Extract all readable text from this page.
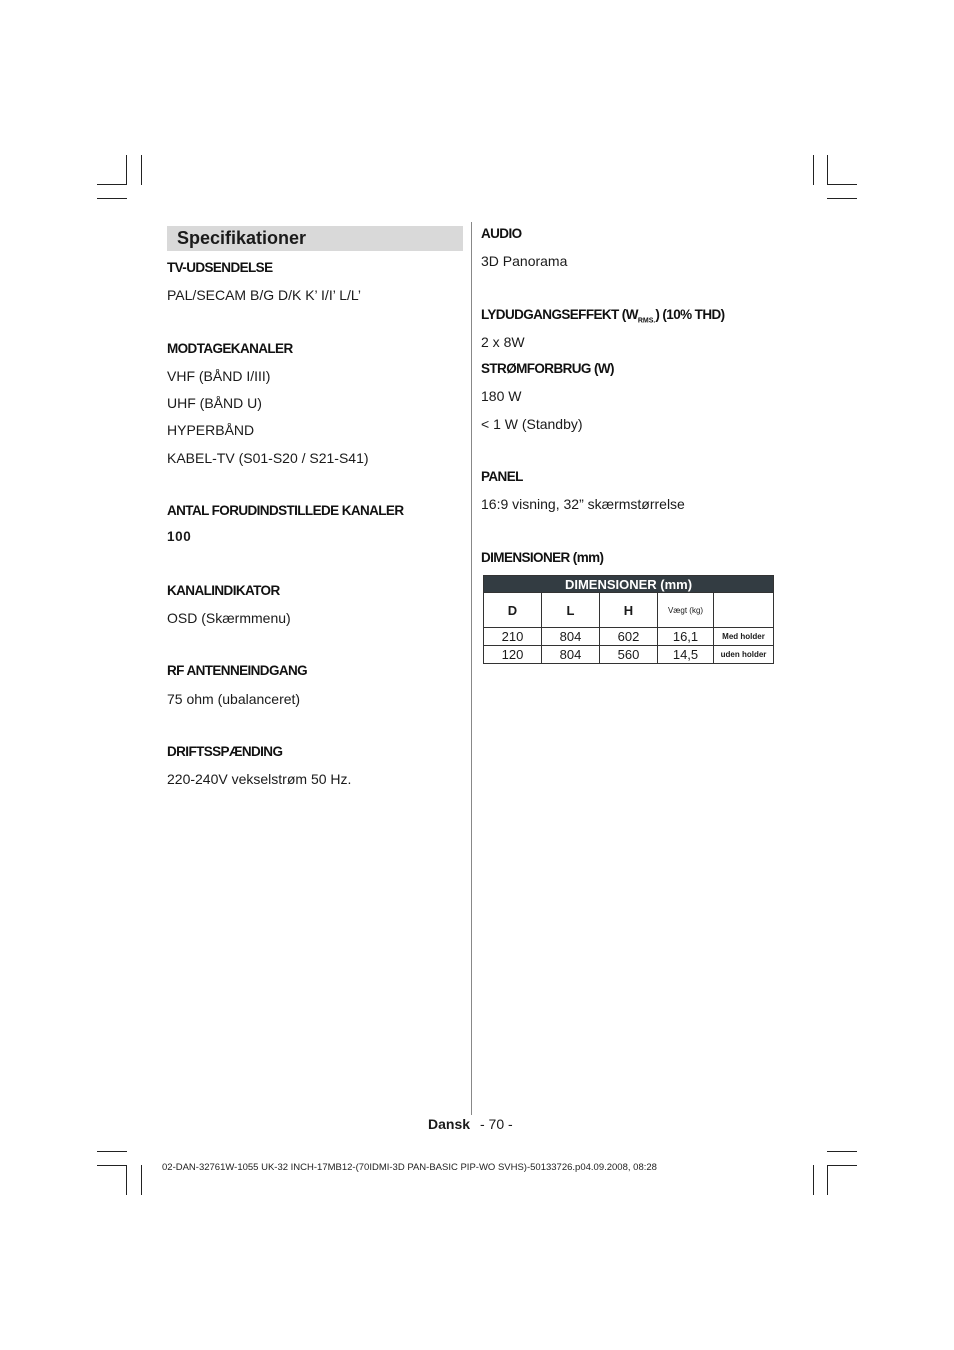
Specifikationer
TV-UDSENDELSE
PAL/SECAM B/G D/K K’ I/I’ L/L’
MODTAGEKANALER
VHF (BÅND I/III)
UHF (BÅND U)
HYPERBÅND
KABEL-TV (S01-S20 / S21-S41)
ANTAL FORUDINDSTILLEDE KANALER
100
KANALINDIKATOR
OSD (Skærmmenu)
RF ANTENNEINDGANG
75 ohm (ubalanceret)
DRIFTSSPÆNDING
220-240V vekselstrøm 50 Hz.
AUDIO
3D Panorama
LYDUDGANGSEFFEKT $(W_{RMS.})$ (10% THD)
2 x 8W
STRØMFORBRUG (W)
180 W
< 1 W (Standby)
PANEL
16:9 visning, 32” skærmstørrelse
DIMENSIONER (mm)
DIMENSIONER (mm)				
D	L	H	Vægt (kg)	
210	804	602	16,1	Med holder
120	804	560	14,5	uden holder
Dansk - 70 -
02-DAN-32761W-1055 UK-32 INCH-17MB12-(70IDMI-3D PAN-BASIC PIP-WO SVHS)-50133726.p04.09.2008, 08:28
